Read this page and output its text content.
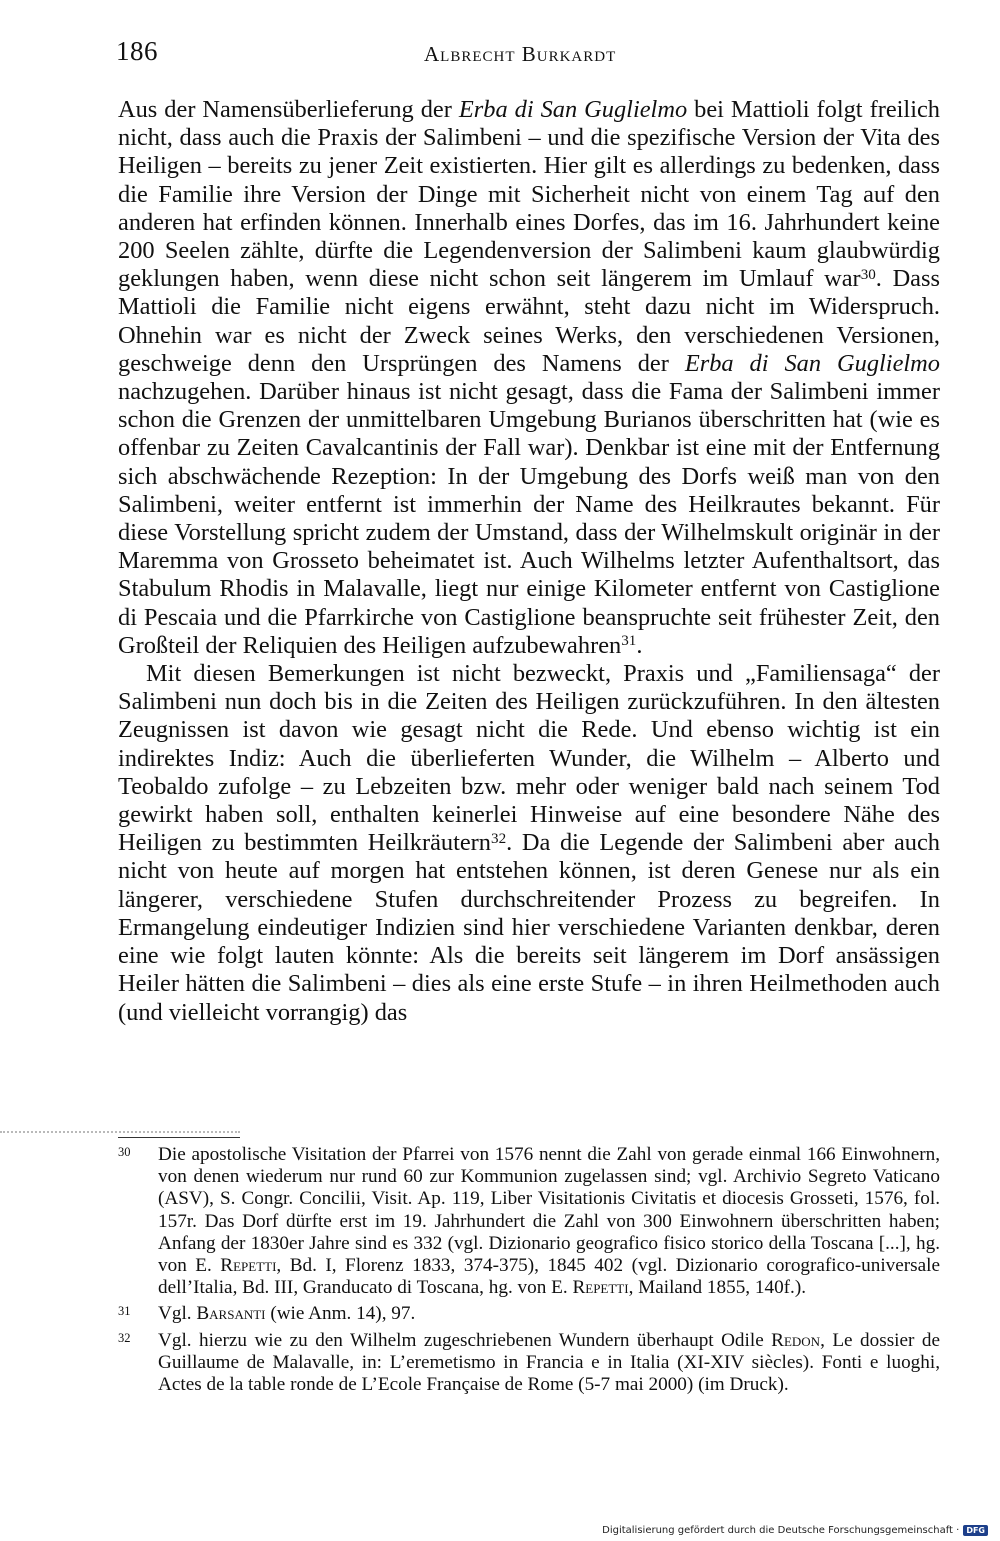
186	Albrecht Burkardt

Aus der Namensüberlieferung der Erba di San Guglielmo bei Mattioli folgt freilich nicht, dass auch die Praxis der Salimbeni – und die spezifische Version der Vita des Heiligen – bereits zu jener Zeit existierten. Hier gilt es allerdings zu bedenken, dass die Familie ihre Version der Dinge mit Sicherheit nicht von einem Tag auf den anderen hat erfinden können. Innerhalb eines Dorfes, das im 16. Jahrhundert keine 200 Seelen zählte, dürfte die Legendenversion der Salimbeni kaum glaubwürdig geklungen haben, wenn diese nicht schon seit längerem im Umlauf war$^{30}$. Dass Mattioli die Familie nicht eigens erwähnt, steht dazu nicht im Widerspruch. Ohnehin war es nicht der Zweck seines Werks, den verschiedenen Versionen, geschweige denn den Ursprüngen des Namens der Erba di San Guglielmo nachzugehen. Darüber hinaus ist nicht gesagt, dass die Fama der Salimbeni immer schon die Grenzen der unmittelbaren Umgebung Burianos überschritten hat (wie es offenbar zu Zeiten Cavalcantinis der Fall war). Denkbar ist eine mit der Entfernung sich abschwächende Rezeption: In der Umgebung des Dorfs weiß man von den Salimbeni, weiter entfernt ist immerhin der Name des Heilkrautes bekannt. Für diese Vorstellung spricht zudem der Umstand, dass der Wilhelmskult originär in der Maremma von Grosseto beheimatet ist. Auch Wilhelms letzter Aufenthaltsort, das Stabulum Rhodis in Malavalle, liegt nur einige Kilometer entfernt von Castiglione di Pescaia und die Pfarrkirche von Castiglione beanspruchte seit frühester Zeit, den Großteil der Reliquien des Heiligen aufzubewahren$^{31}$.

Mit diesen Bemerkungen ist nicht bezweckt, Praxis und „Familiensaga“ der Salimbeni nun doch bis in die Zeiten des Heiligen zurückzuführen. In den ältesten Zeugnissen ist davon wie gesagt nicht die Rede. Und ebenso wichtig ist ein indirektes Indiz: Auch die überlieferten Wunder, die Wilhelm – Alberto und Teobaldo zufolge – zu Lebzeiten bzw. mehr oder weniger bald nach seinem Tod gewirkt haben soll, enthalten keinerlei Hinweise auf eine besondere Nähe des Heiligen zu bestimmten Heilkräutern$^{32}$. Da die Legende der Salimbeni aber auch nicht von heute auf morgen hat entstehen können, ist deren Genese nur als ein längerer, verschiedene Stufen durchschreitender Prozess zu begreifen. In Ermangelung eindeutiger Indizien sind hier verschiedene Varianten denkbar, deren eine wie folgt lauten könnte: Als die bereits seit längerem im Dorf ansässigen Heiler hätten die Salimbeni – dies als eine erste Stufe – in ihren Heilmethoden auch (und vielleicht vorrangig) das

30 Die apostolische Visitation der Pfarrei von 1576 nennt die Zahl von gerade einmal 166 Einwohnern, von denen wiederum nur rund 60 zur Kommunion zugelassen sind; vgl. Archivio Segreto Vaticano (ASV), S. Congr. Concilii, Visit. Ap. 119, Liber Visitationis Civitatis et diocesis Grosseti, 1576, fol. 157r. Das Dorf dürfte erst im 19. Jahrhundert die Zahl von 300 Einwohnern überschritten haben; Anfang der 1830er Jahre sind es 332 (vgl. Dizionario geografico fisico storico della Toscana [...], hg. von E. Repetti, Bd. I, Florenz 1833, 374-375), 1845 402 (vgl. Dizionario corografico-universale dell’Italia, Bd. III, Granducato di Toscana, hg. von E. Repetti, Mailand 1855, 140f.).

31 Vgl. Barsanti (wie Anm. 14), 97.

32 Vgl. hierzu wie zu den Wilhelm zugeschriebenen Wundern überhaupt Odile Redon, Le dossier de Guillaume de Malavalle, in: L’eremetismo in Francia e in Italia (XI-XIV siècles). Fonti e luoghi, Actes de la table ronde de L’Ecole Française de Rome (5-7 mai 2000) (im Druck).

Digitalisierung gefördert durch die Deutsche Forschungsgemeinschaft · DFG
